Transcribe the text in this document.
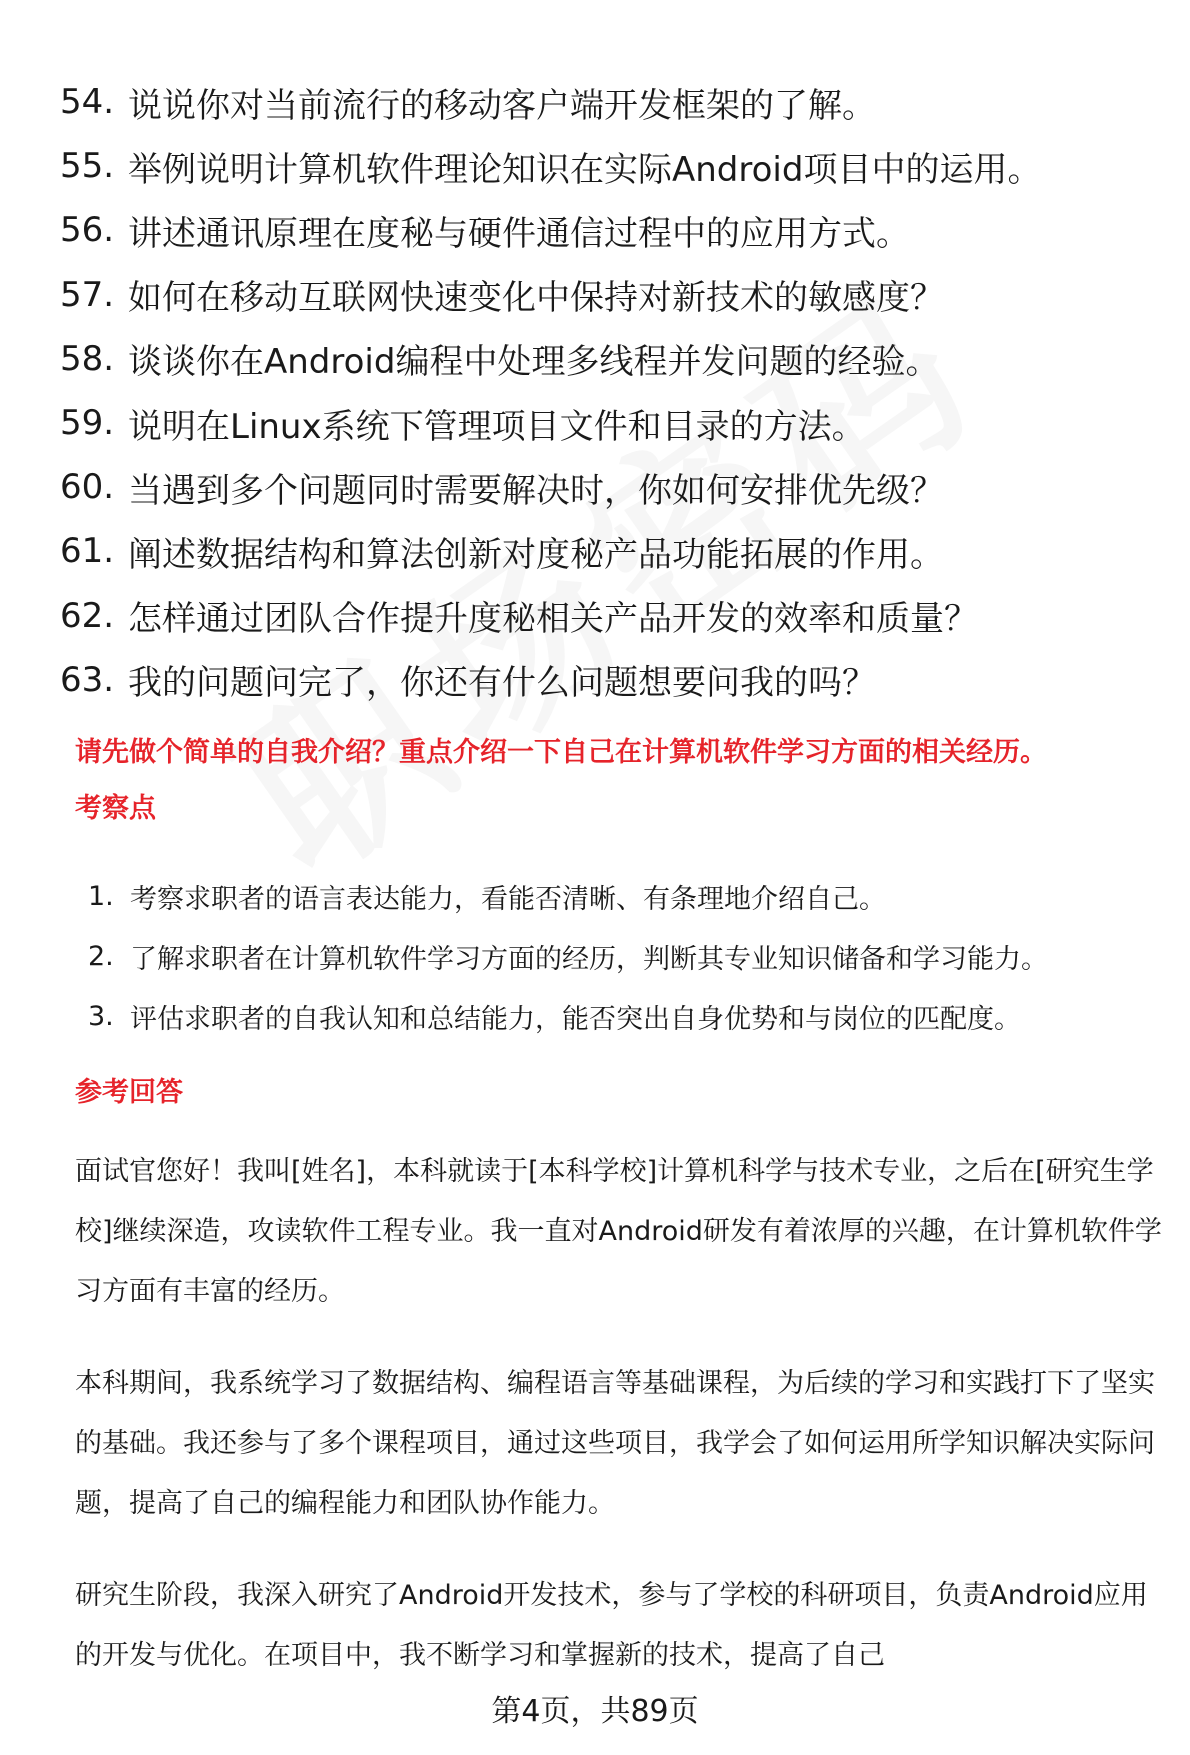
54. 说说你对当前流行的移动客户端开发框架的了解。
55. 举例说明计算机软件理论知识在实际Android项目中的运用。
56. 讲述通讯原理在度秘与硬件通信过程中的应用方式。
57. 如何在移动互联网快速变化中保持对新技术的敏感度？
58. 谈谈你在Android编程中处理多线程并发问题的经验。
59. 说明在Linux系统下管理项目文件和目录的方法。
60. 当遇到多个问题同时需要解决时，你如何安排优先级？
61. 阐述数据结构和算法创新对度秘产品功能拓展的作用。
62. 怎样通过团队合作提升度秘相关产品开发的效率和质量？
63. 我的问题问完了，你还有什么问题想要问我的吗？
请先做个简单的自我介绍？重点介绍一下自己在计算机软件学习方面的相关经历。
考察点
1. 考察求职者的语言表达能力，看能否清晰、有条理地介绍自己。
2. 了解求职者在计算机软件学习方面的经历，判断其专业知识储备和学习能力。
3. 评估求职者的自我认知和总结能力，能否突出自身优势和与岗位的匹配度。
参考回答

面试官您好！我叫[姓名]，本科就读于[本科学校]计算机科学与技术专业，之后在[研究生学校]继续深造，攻读软件工程专业。我一直对Android研发有着浓厚的兴趣，在计算机软件学习方面有丰富的经历。

本科期间，我系统学习了数据结构、编程语言等基础课程，为后续的学习和实践打下了坚实的基础。我还参与了多个课程项目，通过这些项目，我学会了如何运用所学知识解决实际问题，提高了自己的编程能力和团队协作能力。

研究生阶段，我深入研究了Android开发技术，参与了学校的科研项目，负责Android应用的开发与优化。在项目中，我不断学习和掌握新的技术，提高了自己

第4页，共89页
